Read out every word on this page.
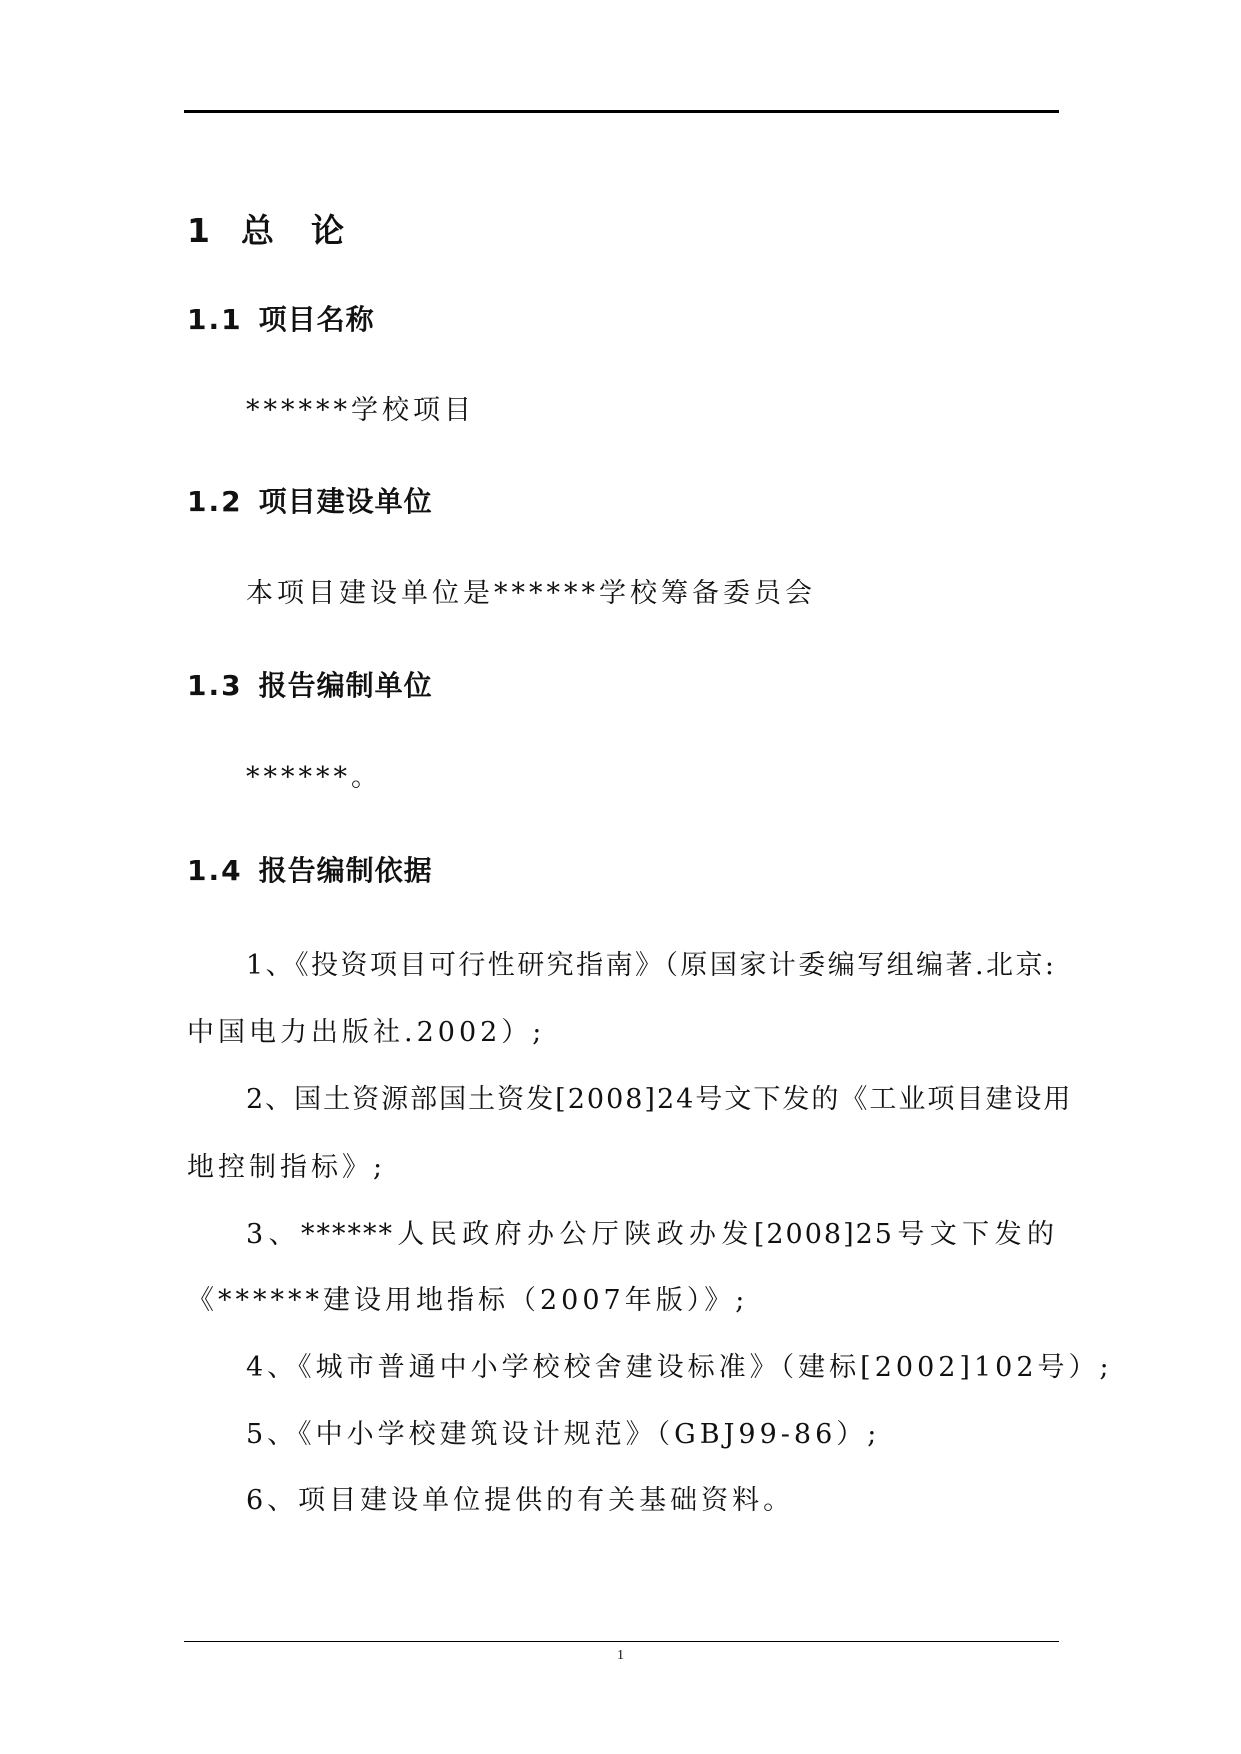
1 总 论
1.1 项目名称
******学校项目
1.2 项目建设单位
本项目建设单位是******学校筹备委员会
1.3 报告编制单位
******。
1.4 报告编制依据
1、《投资项目可行性研究指南》（原国家计委编写组编著.北京:
中国电力出版社.2002）;
2、国土资源部国土资发[2008]24号文下发的《工业项目建设用
地控制指标》;
3、******人民政府办公厅陕政办发[2008]25号文下发的
《******建设用地指标（2007年版）》;
4、《城市普通中小学校校舍建设标准》（建标[2002]102号）;
5、《中小学校建筑设计规范》（GBJ99-86）;
6、项目建设单位提供的有关基础资料。
1
